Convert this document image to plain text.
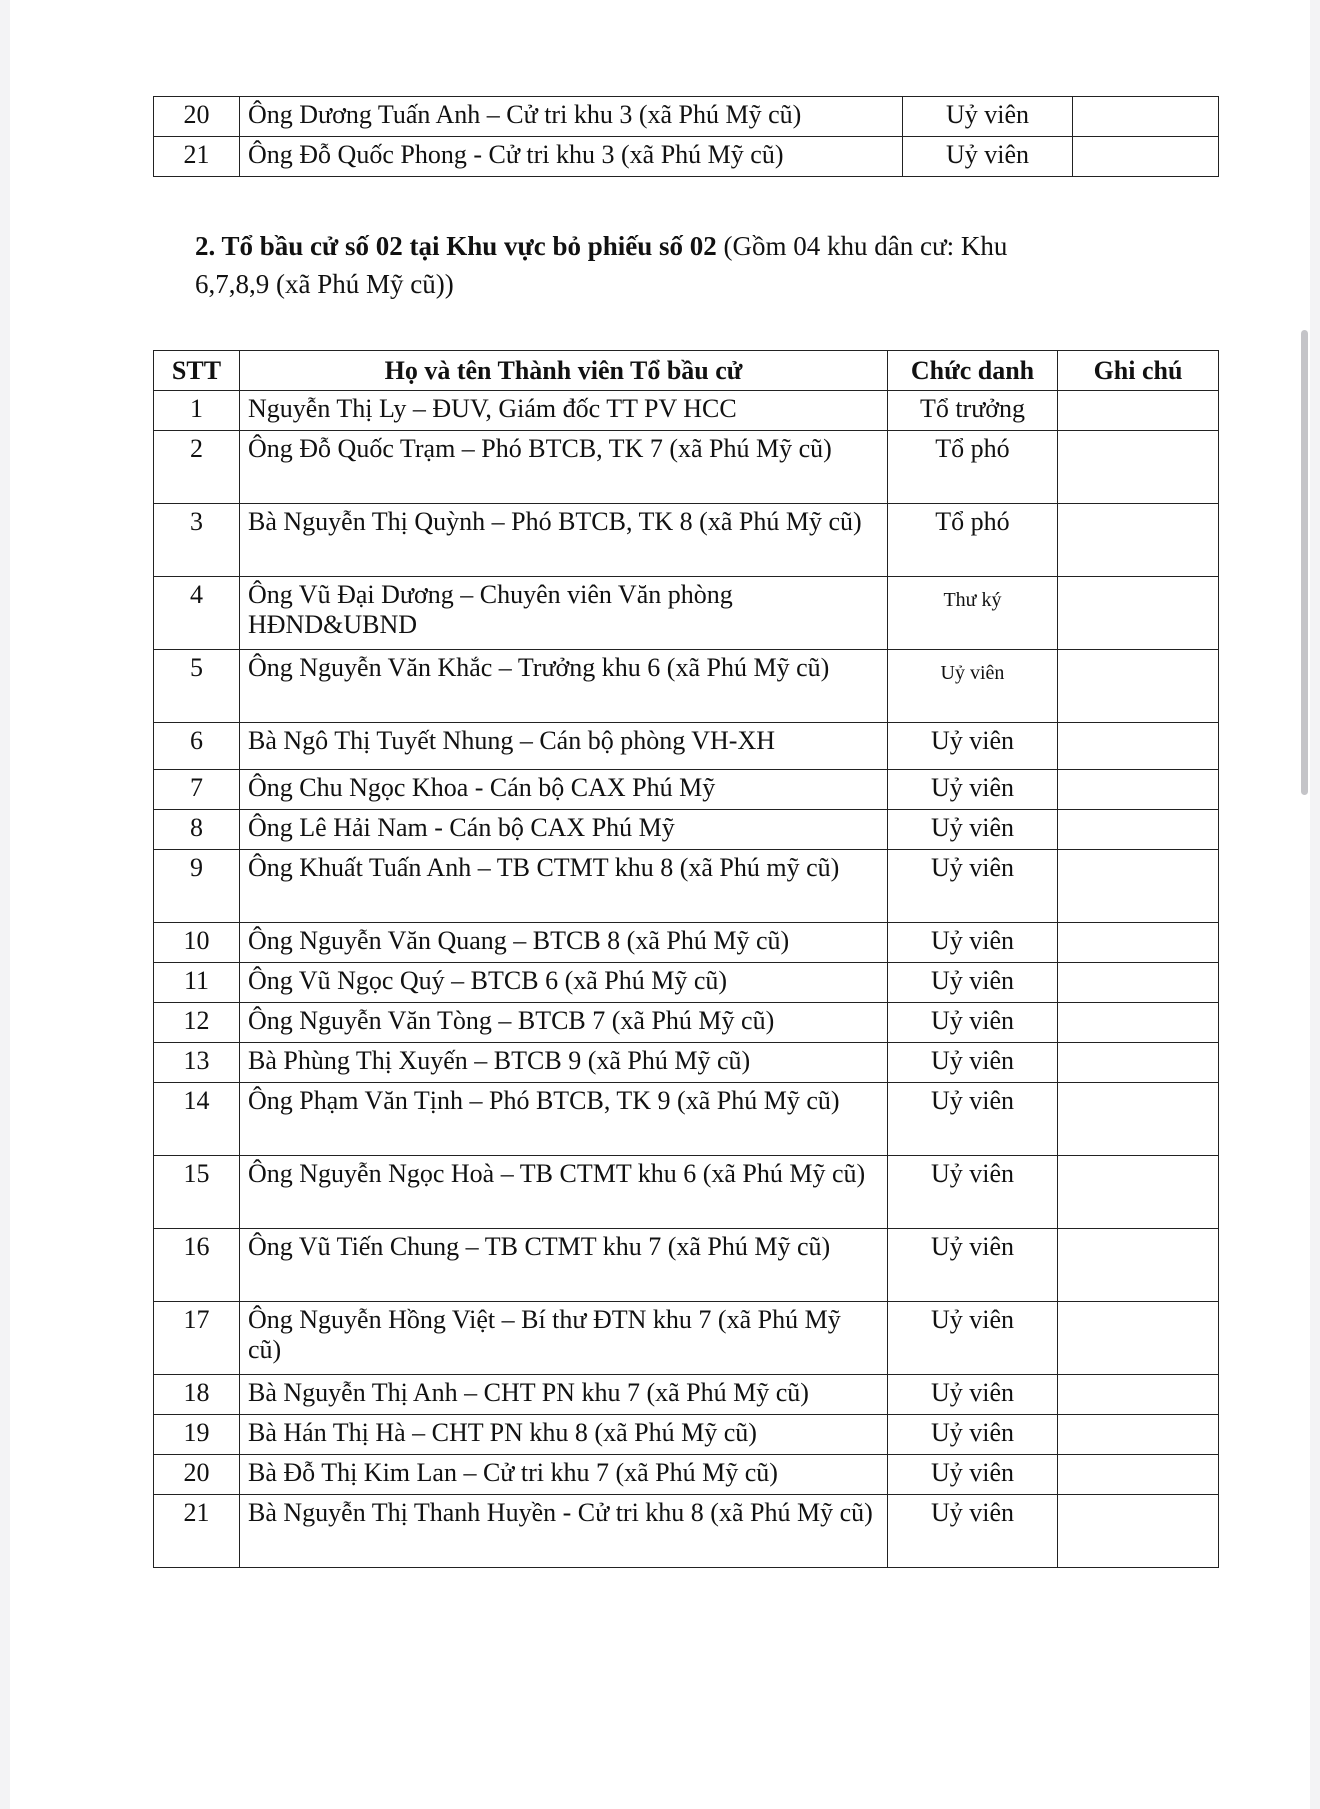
20	Ông Dương Tuấn Anh – Cử tri khu 3 (xã Phú Mỹ cũ)	Uỷ viên	
21	Ông Đỗ Quốc Phong - Cử tri khu 3 (xã Phú Mỹ cũ)	Uỷ viên	
2. Tổ bầu cử số 02 tại Khu vực bỏ phiếu số 02 (Gồm 04 khu dân cư: Khu
6,7,8,9 (xã Phú Mỹ cũ))
STT	Họ và tên Thành viên Tổ bầu cử	Chức danh	Ghi chú
1	Nguyễn Thị Ly – ĐUV, Giám đốc TT PV HCC	Tổ trưởng	
2	Ông Đỗ Quốc Trạm – Phó BTCB, TK 7 (xã Phú Mỹ cũ)	Tổ phó	
3	Bà Nguyễn Thị Quỳnh – Phó BTCB, TK 8 (xã Phú Mỹ cũ)	Tổ phó	
4	Ông Vũ Đại Dương – Chuyên viên Văn phòng HĐND&UBND	Thư ký	
5	Ông Nguyễn Văn Khắc – Trưởng khu 6 (xã Phú Mỹ cũ)	Uỷ viên	
6	Bà Ngô Thị Tuyết Nhung – Cán bộ phòng VH-XH	Uỷ viên	
7	Ông Chu Ngọc Khoa - Cán bộ CAX Phú Mỹ	Uỷ viên	
8	Ông Lê Hải Nam - Cán bộ CAX Phú Mỹ	Uỷ viên	
9	Ông Khuất Tuấn Anh – TB CTMT khu 8 (xã Phú mỹ cũ)	Uỷ viên	
10	Ông Nguyễn Văn Quang – BTCB 8 (xã Phú Mỹ cũ)	Uỷ viên	
11	Ông Vũ Ngọc Quý – BTCB 6 (xã Phú Mỹ cũ)	Uỷ viên	
12	Ông Nguyễn Văn Tòng – BTCB 7 (xã Phú Mỹ cũ)	Uỷ viên	
13	Bà Phùng Thị Xuyến – BTCB 9 (xã Phú Mỹ cũ)	Uỷ viên	
14	Ông Phạm Văn Tịnh – Phó BTCB, TK 9 (xã Phú Mỹ cũ)	Uỷ viên	
15	Ông Nguyễn Ngọc Hoà – TB CTMT khu 6 (xã Phú Mỹ cũ)	Uỷ viên	
16	Ông Vũ Tiến Chung – TB CTMT khu 7 (xã Phú Mỹ cũ)	Uỷ viên	
17	Ông Nguyễn Hồng Việt – Bí thư ĐTN khu 7 (xã Phú Mỹ cũ)	Uỷ viên	
18	Bà Nguyễn Thị Anh – CHT PN khu 7 (xã Phú Mỹ cũ)	Uỷ viên	
19	Bà Hán Thị Hà – CHT PN khu 8 (xã Phú Mỹ cũ)	Uỷ viên	
20	Bà Đỗ Thị Kim Lan – Cử tri khu 7 (xã Phú Mỹ cũ)	Uỷ viên	
21	Bà Nguyễn Thị Thanh Huyền - Cử tri khu 8 (xã Phú Mỹ cũ)	Uỷ viên	
